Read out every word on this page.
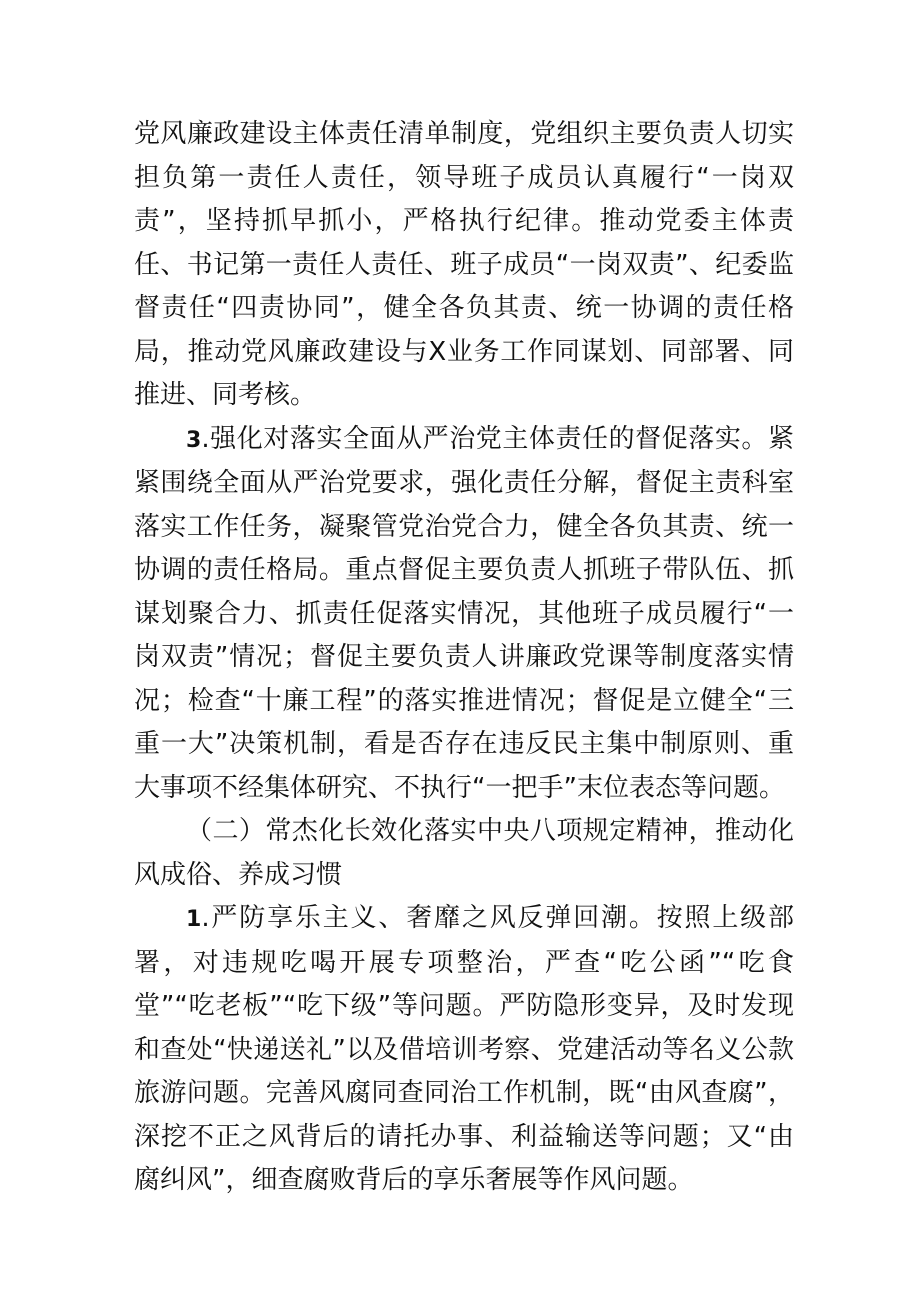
党风廉政建设主体责任清单制度，党组织主要负责人切实担负第一责任人责任，领导班子成员认真履行“一岗双责”，坚持抓早抓小，严格执行纪律。推动党委主体责任、书记第一责任人责任、班子成员“一岗双责”、纪委监督责任“四责协同”，健全各负其责、统一协调的责任格局，推动党风廉政建设与X业务工作同谋划、同部署、同推进、同考核。

3.强化对落实全面从严治党主体责任的督促落实。紧紧围绕全面从严治党要求，强化责任分解，督促主责科室落实工作任务，凝聚管党治党合力，健全各负其责、统一协调的责任格局。重点督促主要负责人抓班子带队伍、抓谋划聚合力、抓责任促落实情况，其他班子成员履行“一岗双责”情况；督促主要负责人讲廉政党课等制度落实情况；检查“十廉工程”的落实推进情况；督促是立健全“三重一大”决策机制，看是否存在违反民主集中制原则、重大事项不经集体研究、不执行“一把手”末位表态等问题。

（二）常杰化长效化落实中央八项规定精神，推动化风成俗、养成习惯

1.严防享乐主义、奢靡之风反弹回潮。按照上级部署，对违规吃喝开展专项整治，严查“吃公函”“吃食堂”“吃老板”“吃下级”等问题。严防隐形变异，及时发现和查处“快递送礼”以及借培训考察、党建活动等名义公款旅游问题。完善风腐同查同治工作机制，既“由风查腐”，深挖不正之风背后的请托办事、利益输送等问题；又“由腐纠风”，细查腐败背后的享乐奢展等作风问题。
